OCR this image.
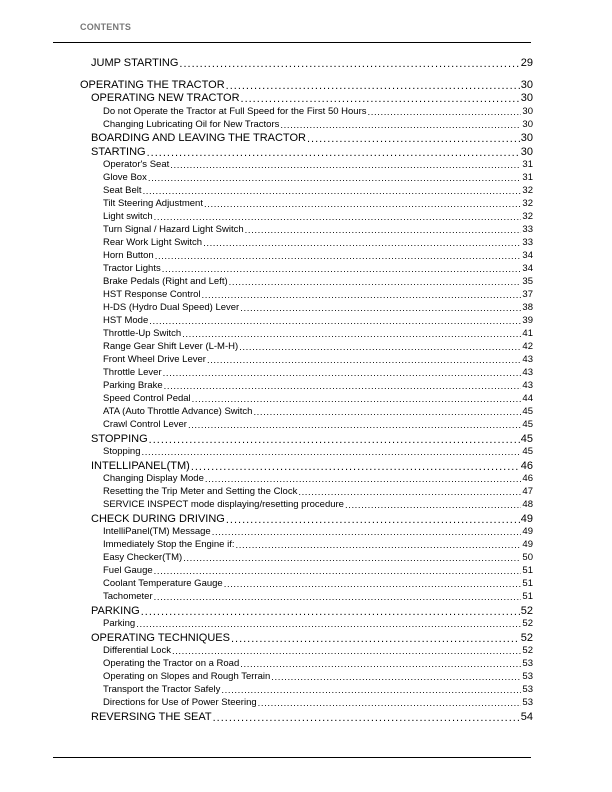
CONTENTS
JUMP STARTING .....	29
OPERATING THE TRACTOR .....	30
OPERATING NEW TRACTOR .....	30
Do not Operate the Tractor at Full Speed for the First 50 Hours .....	30
Changing Lubricating Oil for New Tractors .....	30
BOARDING AND LEAVING THE TRACTOR .....	30
STARTING .....	30
Operator's Seat .....	31
Glove Box .....	31
Seat Belt .....	32
Tilt Steering Adjustment .....	32
Light switch .....	32
Turn Signal / Hazard Light Switch .....	33
Rear Work Light Switch .....	33
Horn Button .....	34
Tractor Lights .....	34
Brake Pedals (Right and Left) .....	35
HST Response Control .....	37
H-DS (Hydro Dual Speed) Lever .....	38
HST Mode .....	39
Throttle-Up Switch .....	41
Range Gear Shift Lever (L-M-H) .....	42
Front Wheel Drive Lever .....	43
Throttle Lever .....	43
Parking Brake .....	43
Speed Control Pedal .....	44
ATA (Auto Throttle Advance) Switch .....	45
Crawl Control Lever .....	45
STOPPING .....	45
Stopping .....	45
INTELLIPANEL(TM) .....	46
Changing Display Mode .....	46
Resetting the Trip Meter and Setting the Clock .....	47
SERVICE INSPECT mode displaying/resetting procedure .....	48
CHECK DURING DRIVING .....	49
IntelliPanel(TM) Message .....	49
Immediately Stop the Engine if: .....	49
Easy Checker(TM) .....	50
Fuel Gauge .....	51
Coolant Temperature Gauge .....	51
Tachometer .....	51
PARKING .....	52
Parking .....	52
OPERATING TECHNIQUES .....	52
Differential Lock .....	52
Operating the Tractor on a Road .....	53
Operating on Slopes and Rough Terrain .....	53
Transport the Tractor Safely .....	53
Directions for Use of Power Steering .....	53
REVERSING THE SEAT .....	54
